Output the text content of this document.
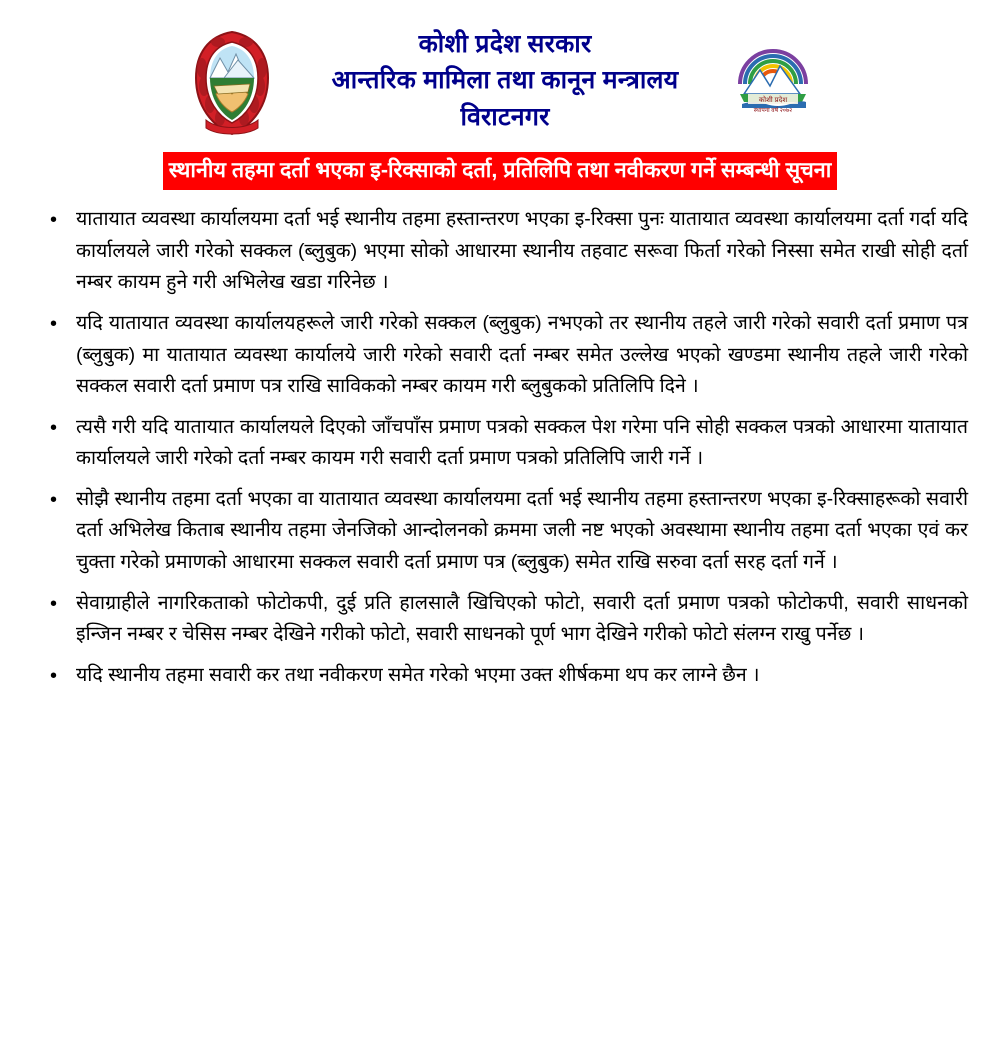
कोशी प्रदेश सरकार
आन्तरिक मामिला तथा कानून मन्त्रालय
विराटनगर
कोशी प्रदेश
स्थापना वर्ष २०७२
स्थानीय तहमा दर्ता भएका इ-रिक्साको दर्ता, प्रतिलिपि तथा नवीकरण गर्ने सम्बन्धी सूचना
• यातायात व्यवस्था कार्यालयमा दर्ता भई स्थानीय तहमा हस्तान्तरण भएका इ-रिक्सा पुनः यातायात व्यवस्था कार्यालयमा दर्ता गर्दा यदि कार्यालयले जारी गरेको सक्कल (ब्लुबुक) भएमा सोको आधारमा स्थानीय तहवाट सरूवा फिर्ता गरेको निस्सा समेत राखी सोही दर्ता नम्बर कायम हुने गरी अभिलेख खडा गरिनेछ ।
• यदि यातायात व्यवस्था कार्यालयहरूले जारी गरेको सक्कल (ब्लुबुक) नभएको तर स्थानीय तहले जारी गरेको सवारी दर्ता प्रमाण पत्र (ब्लुबुक) मा यातायात व्यवस्था कार्यालये जारी गरेको सवारी दर्ता नम्बर समेत उल्लेख भएको खण्डमा स्थानीय तहले जारी गरेको सक्कल सवारी दर्ता प्रमाण पत्र राखि साविकको नम्बर कायम गरी ब्लुबुकको प्रतिलिपि दिने ।
• त्यसै गरी यदि यातायात कार्यालयले दिएको जाँचपाँस प्रमाण पत्रको सक्कल पेश गरेमा पनि सोही सक्कल पत्रको आधारमा यातायात कार्यालयले जारी गरेको दर्ता नम्बर कायम गरी सवारी दर्ता प्रमाण पत्रको प्रतिलिपि जारी गर्ने ।
• सोझै स्थानीय तहमा दर्ता भएका वा यातायात व्यवस्था कार्यालयमा दर्ता भई स्थानीय तहमा हस्तान्तरण भएका इ-रिक्साहरूको सवारी दर्ता अभिलेख किताब स्थानीय तहमा जेनजिको आन्दोलनको क्रममा जली नष्ट भएको अवस्थामा स्थानीय तहमा दर्ता भएका एवं कर चुक्ता गरेको प्रमाणको आधारमा सक्कल सवारी दर्ता प्रमाण पत्र (ब्लुबुक) समेत राखि सरुवा दर्ता सरह दर्ता गर्ने ।
• सेवाग्राहीले नागरिकताको फोटोकपी, दुई प्रति हालसालै खिचिएको फोटो, सवारी दर्ता प्रमाण पत्रको फोटोकपी, सवारी साधनको इन्जिन नम्बर र चेसिस नम्बर देखिने गरीको फोटो, सवारी साधनको पूर्ण भाग देखिने गरीको फोटो संलग्न राखु पर्नेछ ।
• यदि स्थानीय तहमा सवारी कर तथा नवीकरण समेत गरेको भएमा उक्त शीर्षकमा थप कर लाग्ने छैन ।
